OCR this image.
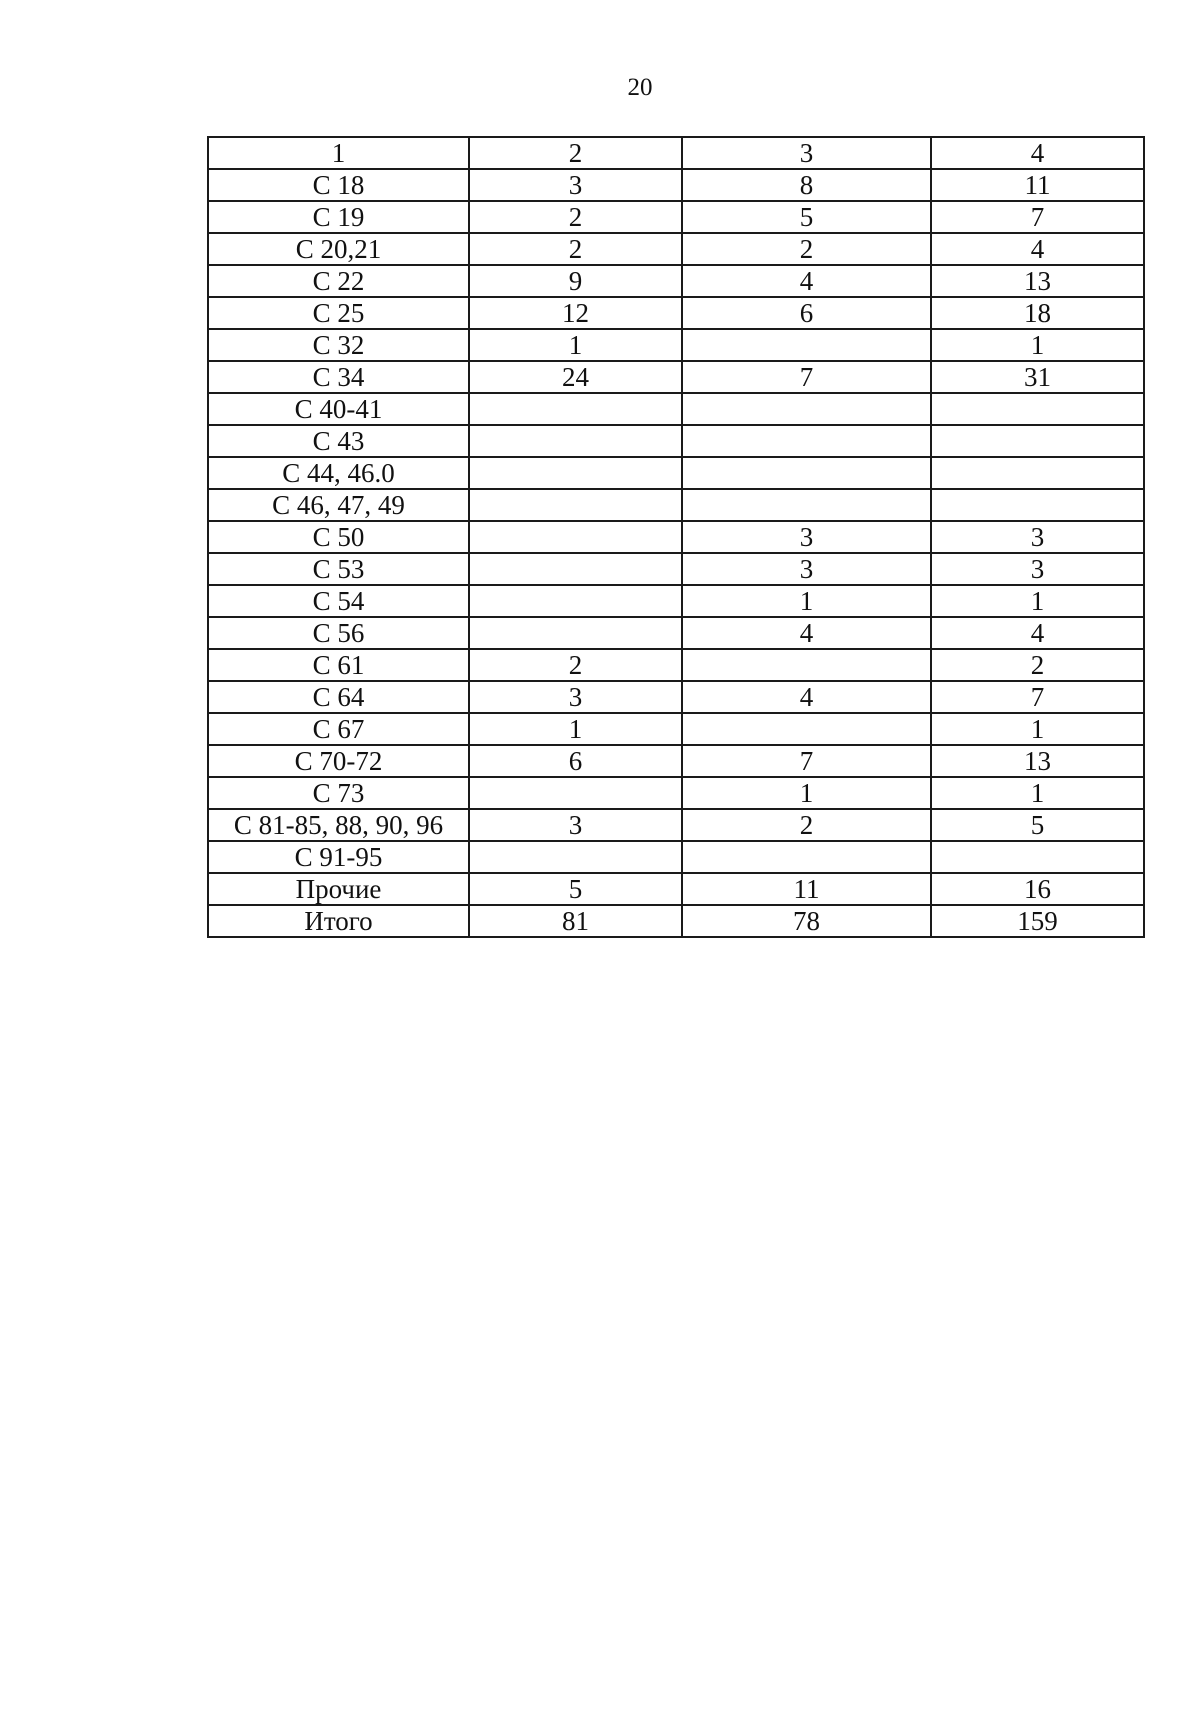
20
1	2	3	4
C 18	3	8	11
C 19	2	5	7
C 20,21	2	2	4
C 22	9	4	13
C 25	12	6	18
C 32	1		1
C 34	24	7	31
C 40-41			
C 43			
C 44, 46.0			
C 46, 47, 49			
C 50		3	3
C 53		3	3
C 54		1	1
C 56		4	4
C 61	2		2
C 64	3	4	7
C 67	1		1
C 70-72	6	7	13
C 73		1	1
C 81-85, 88, 90, 96	3	2	5
C 91-95			
Прочие	5	11	16
Итого	81	78	159
